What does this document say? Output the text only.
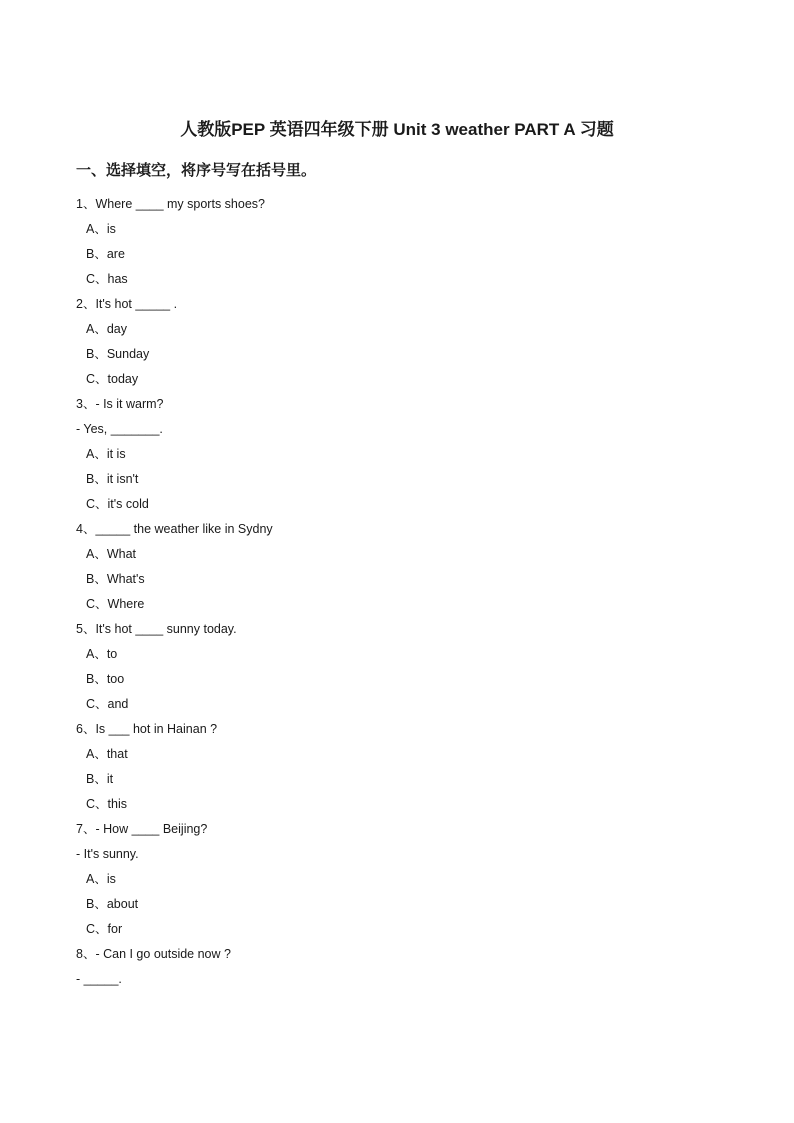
人教版PEP 英语四年级下册 Unit 3 weather PART A 习题
一、选择填空，将序号写在括号里。
1、Where ____ my sports shoes?
A、is
B、are
C、has
2、It's hot _____ .
A、day
B、Sunday
C、today
3、- Is it warm?
- Yes, _______.
A、it is
B、it isn't
C、it's cold
4、_____ the weather like in Sydny
A、What
B、What's
C、Where
5、It's hot ____ sunny today.
A、to
B、too
C、and
6、Is ___ hot in Hainan ?
A、that
B、it
C、this
7、- How ____ Beijing?
- It's sunny.
A、is
B、about
C、for
8、- Can I go outside now ?
- _____.
